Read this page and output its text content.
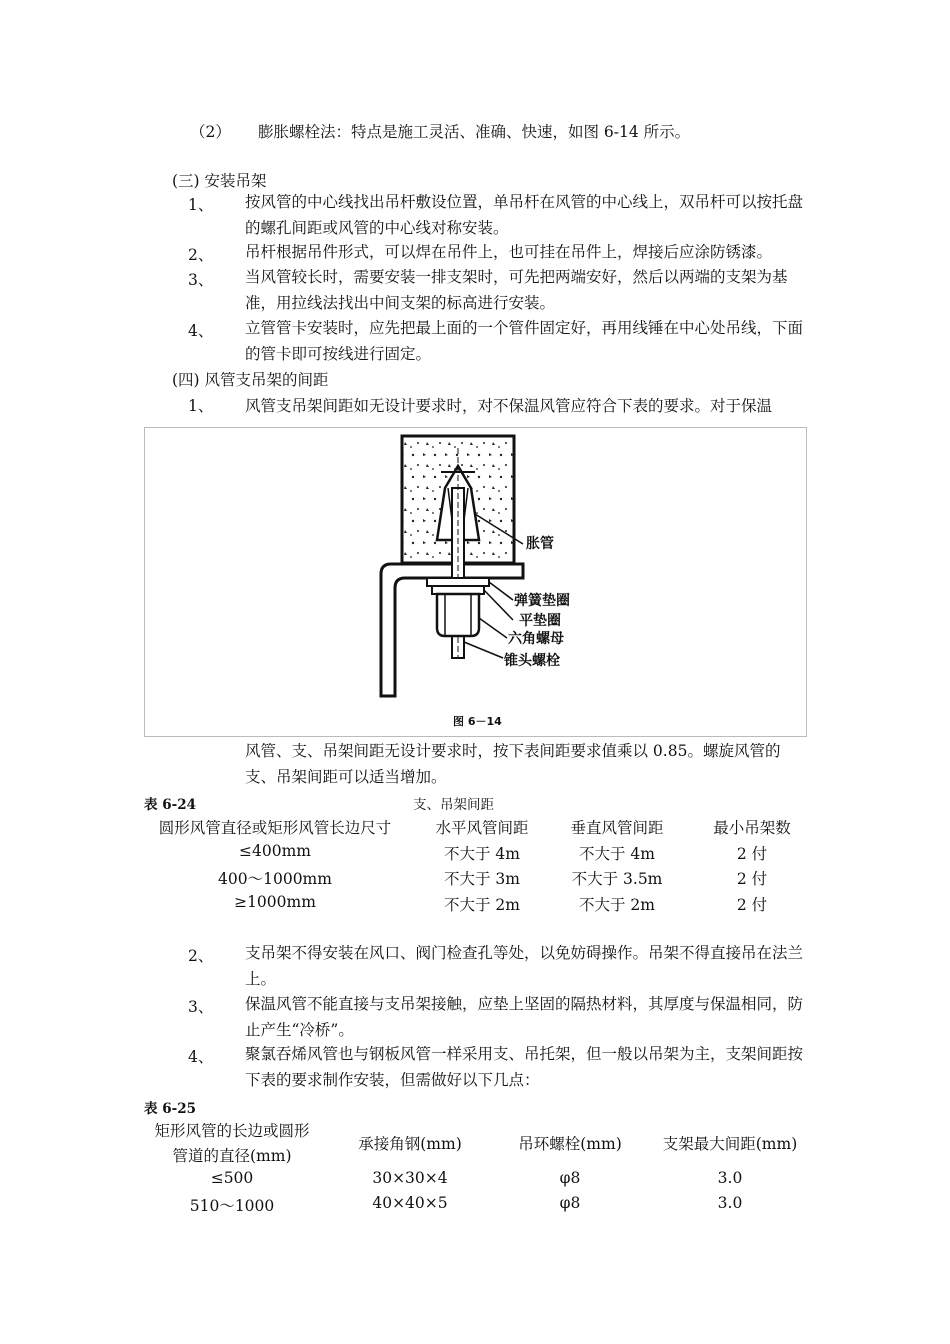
（2） 膨胀螺栓法：特点是施工灵活、准确、快速，如图 6-14 所示。
(三) 安装吊架
1、 按风管的中心线找出吊杆敷设位置，单吊杆在风管的中心线上，双吊杆可以按托盘的螺孔间距或风管的中心线对称安装。
2、 吊杆根据吊件形式，可以焊在吊件上，也可挂在吊件上，焊接后应涂防锈漆。
3、 当风管较长时，需要安装一排支架时，可先把两端安好，然后以两端的支架为基准，用拉线法找出中间支架的标高进行安装。
4、 立管管卡安装时，应先把最上面的一个管件固定好，再用线锤在中心处吊线，下面的管卡即可按线进行固定。
(四) 风管支吊架的间距
1、 风管支吊架间距如无设计要求时，对不保温风管应符合下表的要求。对于保温
胀管
弹簧垫圈
平垫圈
六角螺母
锥头螺栓
图 6－14
风管、支、吊架间距无设计要求时，按下表间距要求值乘以 0.85。螺旋风管的支、吊架间距可以适当增加。
表 6-24	支、吊架间距
圆形风管直径或矩形风管长边尺寸	水平风管间距	垂直风管间距	最小吊架数
≤400mm	不大于 4m	不大于 4m	2 付
400～1000mm	不大于 3m	不大于 3.5m	2 付
≥1000mm	不大于 2m	不大于 2m	2 付
2、 支吊架不得安装在风口、阀门检查孔等处，以免妨碍操作。吊架不得直接吊在法兰上。
3、 保温风管不能直接与支吊架接触，应垫上坚固的隔热材料，其厚度与保温相同，防止产生“冷桥”。
4、 聚氯吞烯风管也与钢板风管一样采用支、吊托架，但一般以吊架为主，支架间距按下表的要求制作安装，但需做好以下几点：
表 6-25
矩形风管的长边或圆形
管道的直径(mm)
承接角钢(mm)	吊环螺栓(mm)	支架最大间距(mm)
≤500	30×30×4	φ8	3.0
510～1000	40×40×5	φ8	3.0
